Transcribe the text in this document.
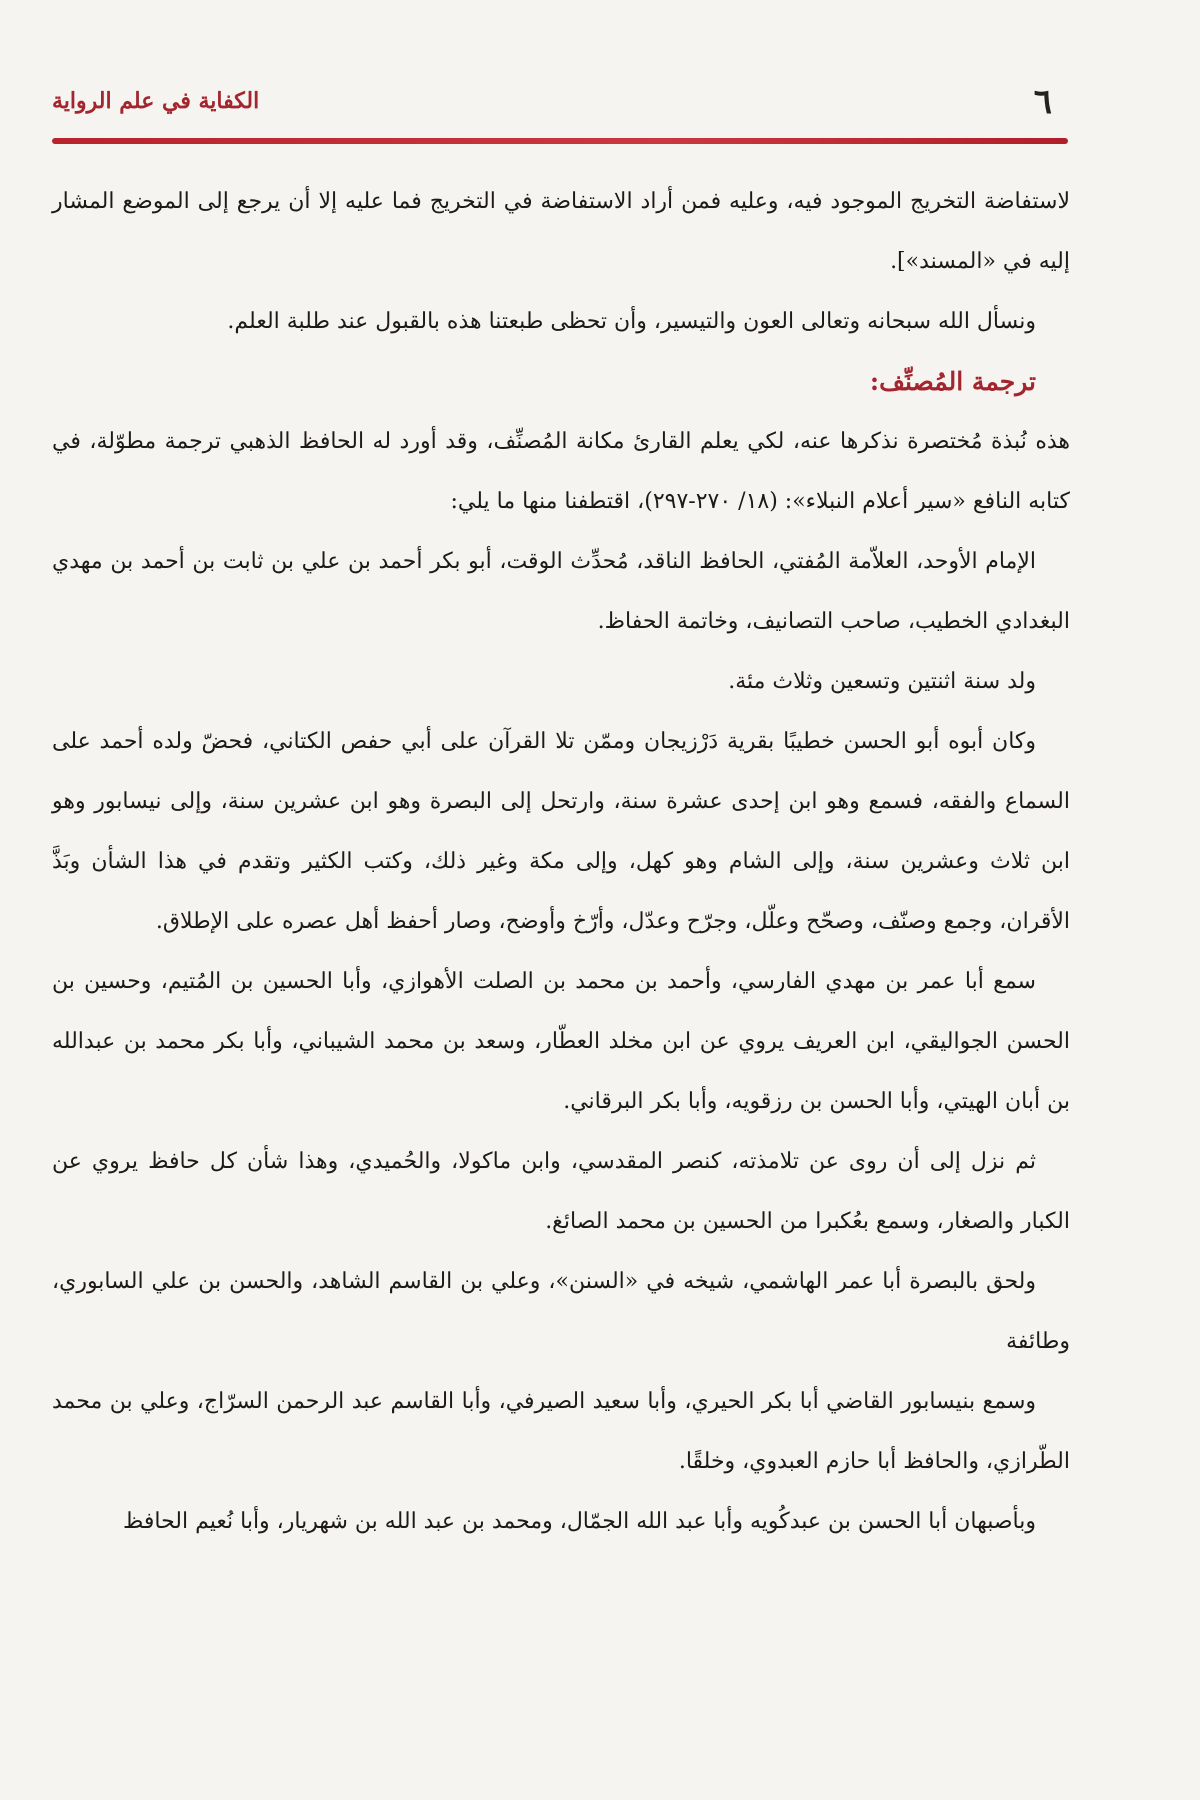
٦
الكفاية في علم الرواية

لاستفاضة التخريج الموجود فيه، وعليه فمن أراد الاستفاضة في التخريج فما عليه إلا أن يرجع إلى الموضع المشار إليه في «المسند»].

ونسأل الله سبحانه وتعالى العون والتيسير، وأن تحظى طبعتنا هذه بالقبول عند طلبة العلم.

ترجمة المُصنِّف:

هذه نُبذة مُختصرة نذكرها عنه، لكي يعلم القارئ مكانة المُصنِّف، وقد أورد له الحافظ الذهبي ترجمة مطوّلة، في كتابه النافع «سير أعلام النبلاء»: (١٨/ ٢٧٠-٢٩٧)، اقتطفنا منها ما يلي:

الإمام الأوحد، العلاّمة المُفتي، الحافظ الناقد، مُحدِّث الوقت، أبو بكر أحمد بن علي بن ثابت بن أحمد بن مهدي البغدادي الخطيب، صاحب التصانيف، وخاتمة الحفاظ.

ولد سنة اثنتين وتسعين وثلاث مئة.

وكان أبوه أبو الحسن خطيبًا بقرية دَرْزيجان وممّن تلا القرآن على أبي حفص الكتاني، فحضّ ولده أحمد على السماع والفقه، فسمع وهو ابن إحدى عشرة سنة، وارتحل إلى البصرة وهو ابن عشرين سنة، وإلى نيسابور وهو ابن ثلاث وعشرين سنة، وإلى الشام وهو كهل، وإلى مكة وغير ذلك، وكتب الكثير وتقدم في هذا الشأن وبَذَّ الأقران، وجمع وصنّف، وصحّح وعلّل، وجرّح وعدّل، وأرّخ وأوضح، وصار أحفظ أهل عصره على الإطلاق.

سمع أبا عمر بن مهدي الفارسي، وأحمد بن محمد بن الصلت الأهوازي، وأبا الحسين بن المُتيم، وحسين بن الحسن الجواليقي، ابن العريف يروي عن ابن مخلد العطّار، وسعد بن محمد الشيباني، وأبا بكر محمد بن عبدالله بن أبان الهيتي، وأبا الحسن بن رزقويه، وأبا بكر البرقاني.

ثم نزل إلى أن روى عن تلامذته، كنصر المقدسي، وابن ماكولا، والحُميدي، وهذا شأن كل حافظ يروي عن الكبار والصغار، وسمع بعُكبرا من الحسين بن محمد الصائغ.

ولحق بالبصرة أبا عمر الهاشمي، شيخه في «السنن»، وعلي بن القاسم الشاهد، والحسن بن علي السابوري، وطائفة

وسمع بنيسابور القاضي أبا بكر الحيري، وأبا سعيد الصيرفي، وأبا القاسم عبد الرحمن السرّاج، وعلي بن محمد الطّرازي، والحافظ أبا حازم العبدوي، وخلقًا.

وبأصبهان أبا الحسن بن عبدكُويه وأبا عبد الله الجمّال، ومحمد بن عبد الله بن شهريار، وأبا نُعيم الحافظ
